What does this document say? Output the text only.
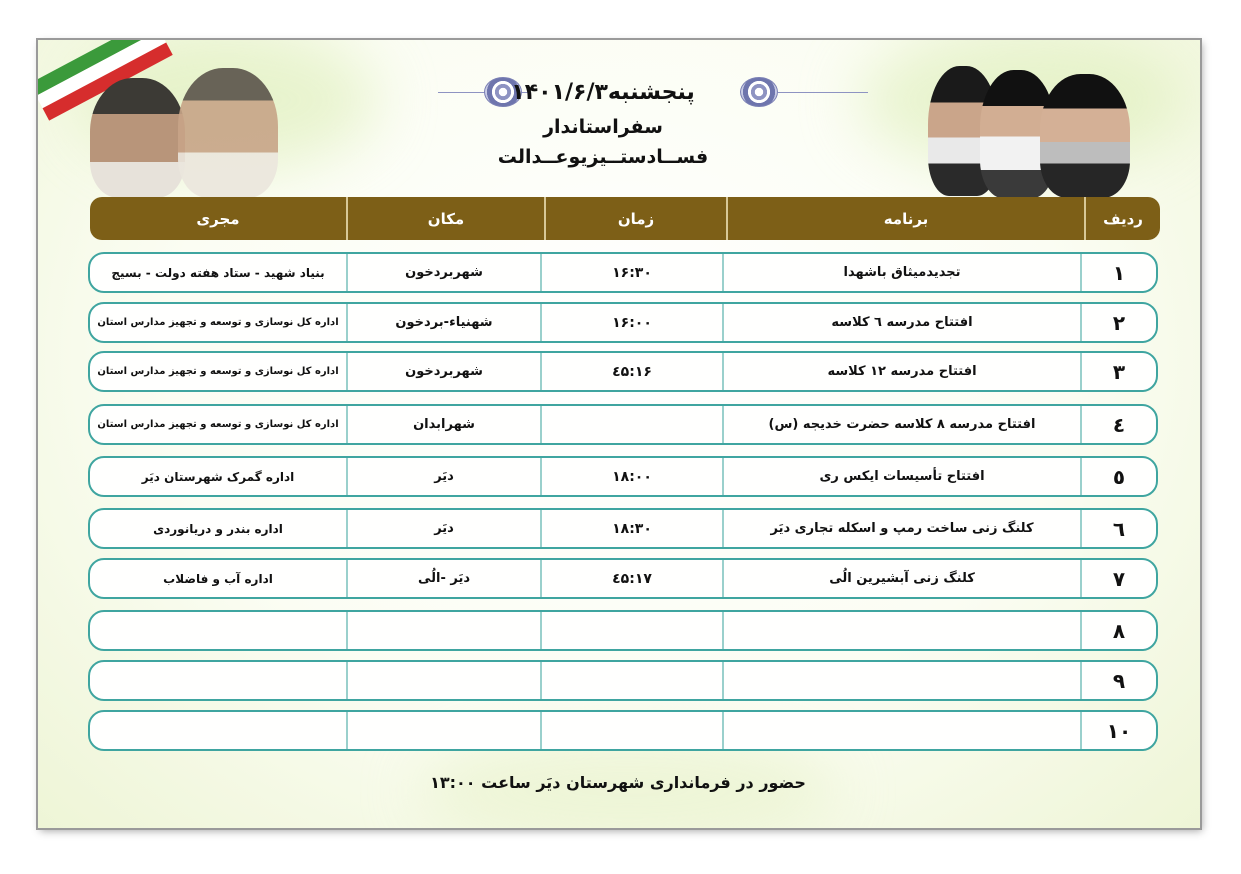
پنجشنبه۱۴۰۱/۶/۳
سفراستاندار
فســادستــیزیوعــدالت
ردیف
برنامه
زمان
مکان
مجری
۱
تجدیدمیثاق باشهدا
۱۶:۳۰
شهربردخون
بنیاد شهید - ستاد هفته دولت - بسیج
۲
افتتاح مدرسه ٦ کلاسه
۱۶:۰۰
شهنیاء-بردخون
اداره کل نوسازی و توسعه و تجهیز مدارس استان
۳
افتتاح مدرسه ۱۲ کلاسه
۱۶:٤۵
شهربردخون
اداره کل نوسازی و توسعه و تجهیز مدارس استان
٤
افتتاح مدرسه ۸ کلاسه حضرت خدیجه (س)
شهرابدان
اداره کل نوسازی و توسعه و تجهیز مدارس استان
٥
افتتاح تأسیسات ایکس ری
۱۸:۰۰
دیَر
اداره گمرک شهرستان دیَر
٦
کلنگ زنی ساخت رمپ و اسکله تجاری دیَر
۱۸:۳۰
دیَر
اداره بندر و دریانوردی
۷
کلنگ زنی آبشیرین الُی
۱۷:٤۵
دیَر -الُی
اداره آب و فاضلاب
۸
۹
۱۰
حضور در فرمانداری شهرستان دیَر ساعت ۱۳:۰۰
